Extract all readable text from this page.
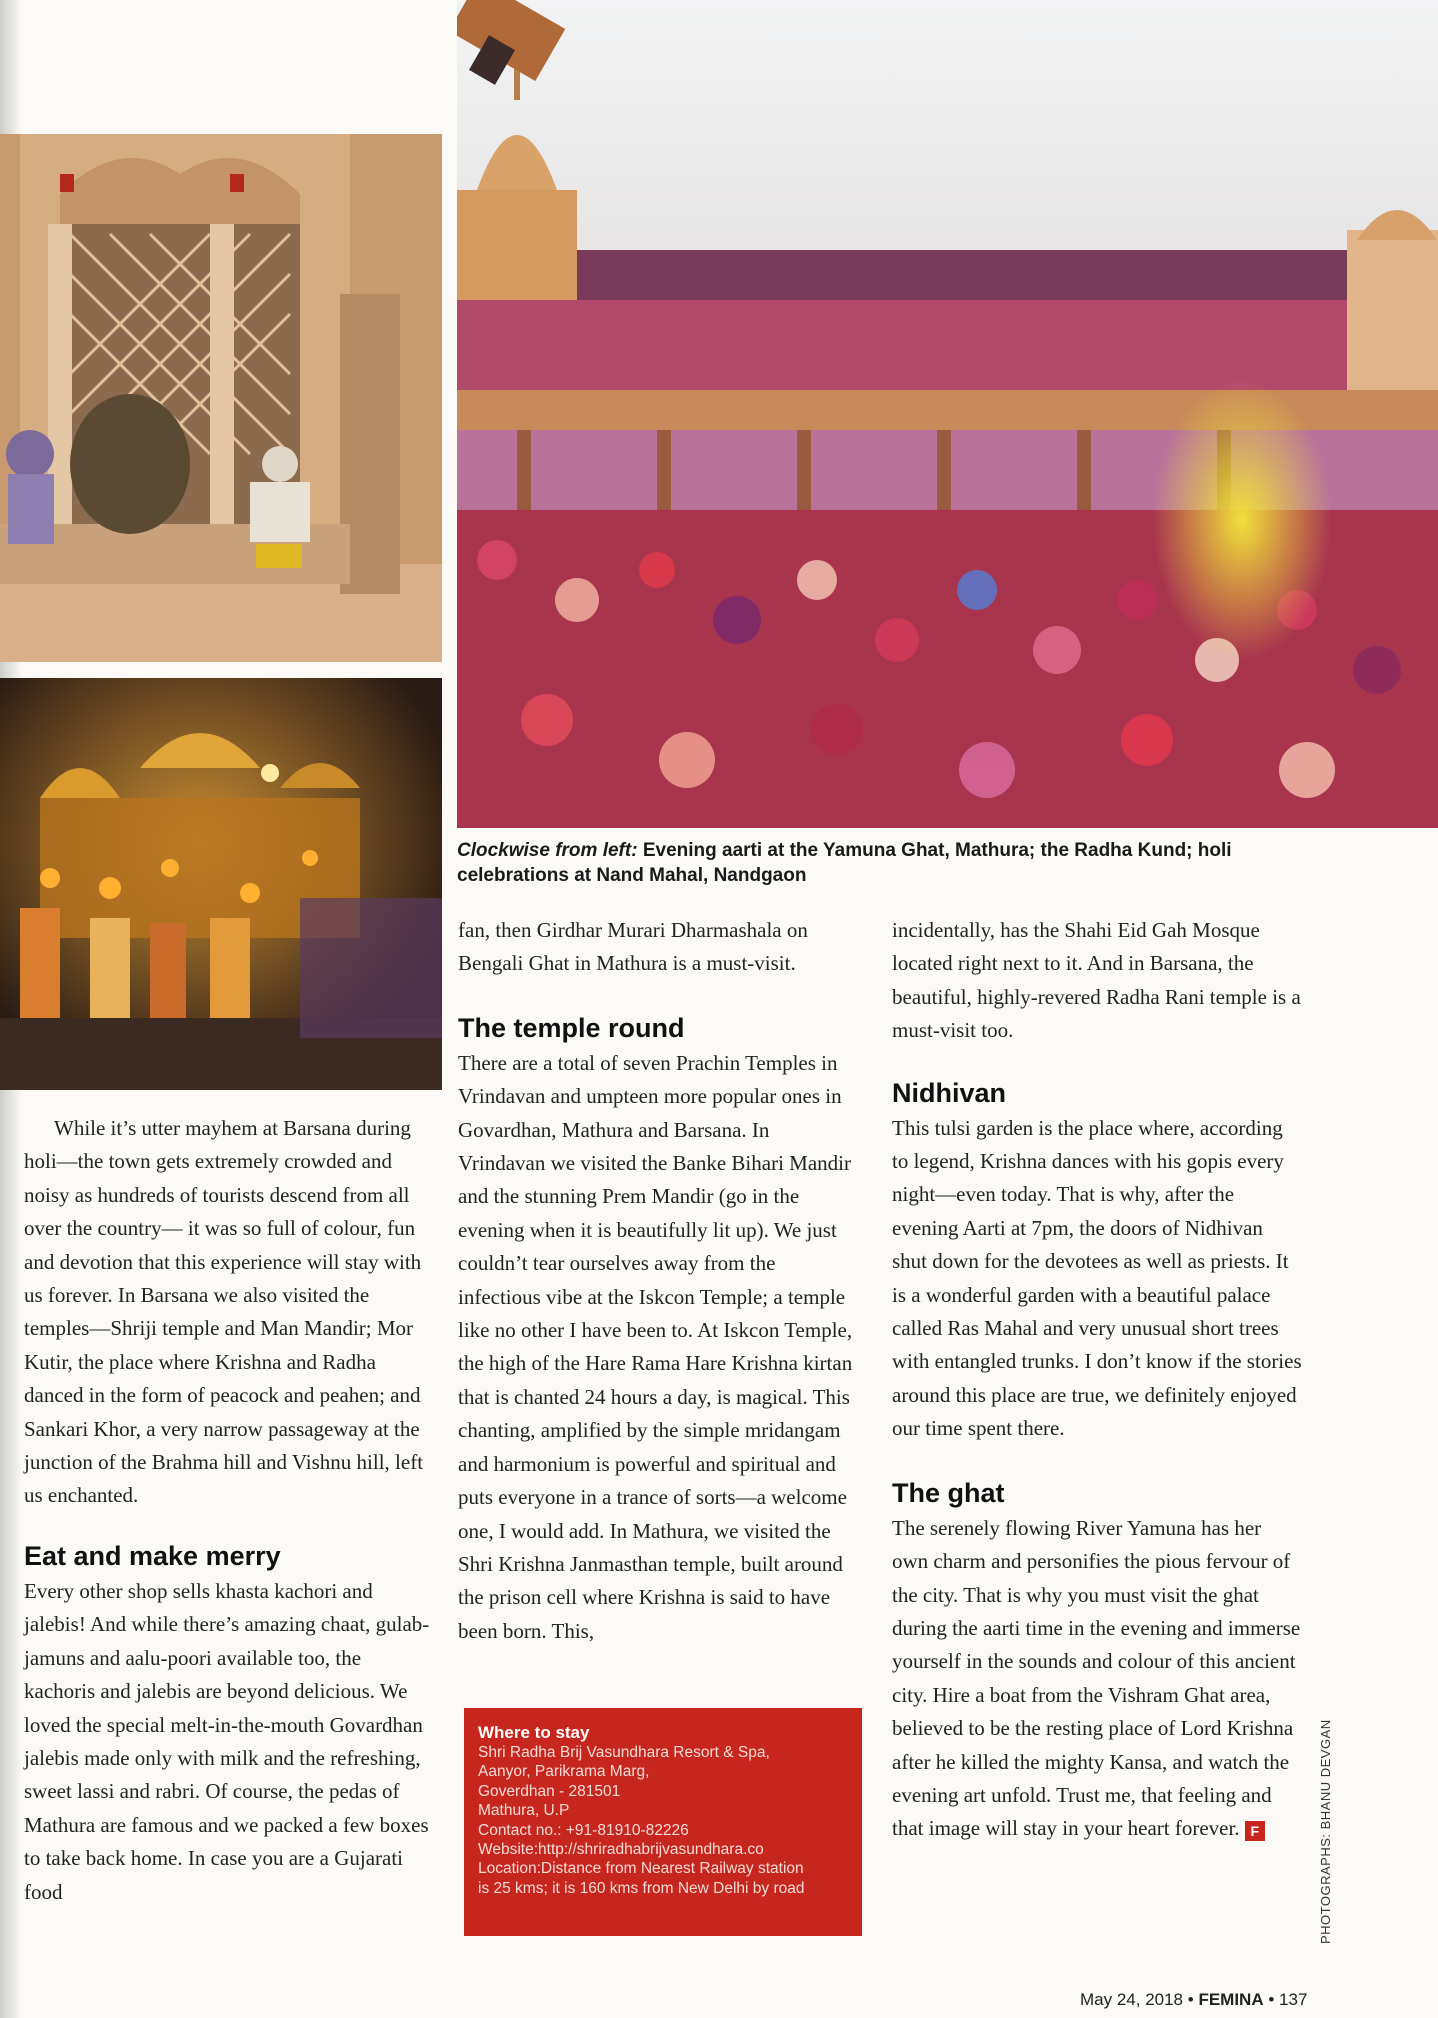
Clockwise from left: Evening aarti at the Yamuna Ghat, Mathura; the Radha Kund; holi celebrations at Nand Mahal, Nandgaon

While it’s utter mayhem at Barsana during holi—the town gets extremely crowded and noisy as hundreds of tourists descend from all over the country— it was so full of colour, fun and devotion that this experience will stay with us forever. In Barsana we also visited the temples—Shriji temple and Man Mandir; Mor Kutir, the place where Krishna and Radha danced in the form of peacock and peahen; and Sankari Khor, a very narrow passageway at the junction of the Brahma hill and Vishnu hill, left us enchanted.

Eat and make merry

Every other shop sells khasta kachori and jalebis! And while there’s amazing chaat, gulab-jamuns and aalu-poori available too, the kachoris and jalebis are beyond delicious. We loved the special melt-in-the-mouth Govardhan jalebis made only with milk and the refreshing, sweet lassi and rabri. Of course, the pedas of Mathura are famous and we packed a few boxes to take back home. In case you are a Gujarati food

fan, then Girdhar Murari Dharmashala on Bengali Ghat in Mathura is a must-visit.

The temple round

There are a total of seven Prachin Temples in Vrindavan and umpteen more popular ones in Govardhan, Mathura and Barsana. In Vrindavan we visited the Banke Bihari Mandir and the stunning Prem Mandir (go in the evening when it is beautifully lit up). We just couldn’t tear ourselves away from the infectious vibe at the Iskcon Temple; a temple like no other I have been to. At Iskcon Temple, the high of the Hare Rama Hare Krishna kirtan that is chanted 24 hours a day, is magical. This chanting, amplified by the simple mridangam and harmonium is powerful and spiritual and puts everyone in a trance of sorts—a welcome one, I would add. In Mathura, we visited the Shri Krishna Janmasthan temple, built around the prison cell where Krishna is said to have been born. This,

incidentally, has the Shahi Eid Gah Mosque located right next to it. And in Barsana, the beautiful, highly-revered Radha Rani temple is a must-visit too.

Nidhivan

This tulsi garden is the place where, according to legend, Krishna dances with his gopis every night—even today. That is why, after the evening Aarti at 7pm, the doors of Nidhivan shut down for the devotees as well as priests. It is a wonderful garden with a beautiful palace called Ras Mahal and very unusual short trees with entangled trunks. I don’t know if the stories around this place are true, we definitely enjoyed our time spent there.

The ghat

The serenely flowing River Yamuna has her own charm and personifies the pious fervour of the city. That is why you must visit the ghat during the aarti time in the evening and immerse yourself in the sounds and colour of this ancient city. Hire a boat from the Vishram Ghat area, believed to be the resting place of Lord Krishna after he killed the mighty Kansa, and watch the evening art unfold. Trust me, that feeling and that image will stay in your heart forever. F

Where to stay
Shri Radha Brij Vasundhara Resort & Spa,
Aanyor, Parikrama Marg,
Goverdhan - 281501
Mathura, U.P
Contact no.: +91-81910-82226
Website:http://shriradhabrijvasundhara.co
Location:Distance from Nearest Railway station
is 25 kms; it is 160 kms from New Delhi by road	PHOTOGRAPHS: BHANU DEVGAN
May 24, 2018 • FEMINA • 137
